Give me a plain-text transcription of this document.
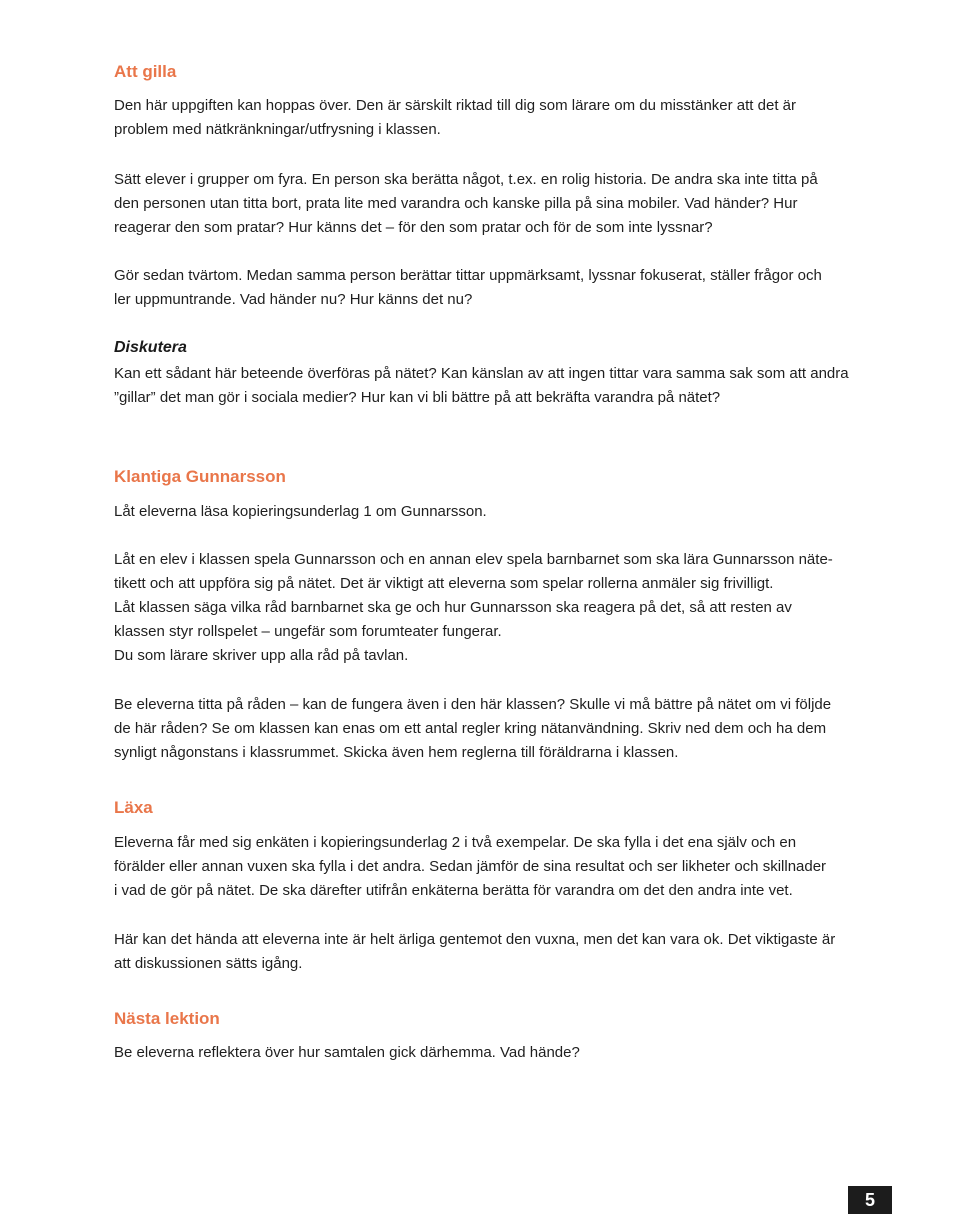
Att gilla
Den här uppgiften kan hoppas över. Den är särskilt riktad till dig som lärare om du misstänker att det är
problem med nätkränkningar/utfrysning i klassen.
Sätt elever i grupper om fyra. En person ska berätta något, t.ex. en rolig historia. De andra ska inte titta på
den personen utan titta bort, prata lite med varandra och kanske pilla på sina mobiler. Vad händer? Hur
reagerar den som pratar? Hur känns det – för den som pratar och för de som inte lyssnar?
Gör sedan tvärtom. Medan samma person berättar tittar uppmärksamt, lyssnar fokuserat, ställer frågor och
ler uppmuntrande. Vad händer nu? Hur känns det nu?
Diskutera
Kan ett sådant här beteende överföras på nätet? Kan känslan av att ingen tittar vara samma sak som att andra
”gillar” det man gör i sociala medier? Hur kan vi bli bättre på att bekräfta varandra på nätet?
Klantiga Gunnarsson
Låt eleverna läsa kopieringsunderlag 1 om Gunnarsson.
Låt en elev i klassen spela Gunnarsson och en annan elev spela barnbarnet som ska lära Gunnarsson näte-
tikett och att uppföra sig på nätet. Det är viktigt att eleverna som spelar rollerna anmäler sig frivilligt.
Låt klassen säga vilka råd barnbarnet ska ge och hur Gunnarsson ska reagera på det, så att resten av
klassen styr rollspelet – ungefär som forumteater fungerar.
Du som lärare skriver upp alla råd på tavlan.
Be eleverna titta på råden – kan de fungera även i den här klassen? Skulle vi må bättre på nätet om vi följde
de här råden? Se om klassen kan enas om ett antal regler kring nätanvändning. Skriv ned dem och ha dem
synligt någonstans i klassrummet. Skicka även hem reglerna till föräldrarna i klassen.
Läxa
Eleverna får med sig enkäten i kopieringsunderlag 2 i två exempelar. De ska fylla i det ena själv och en
förälder eller annan vuxen ska fylla i det andra. Sedan jämför de sina resultat och ser likheter och skillnader
i vad de gör på nätet. De ska därefter utifrån enkäterna berätta för varandra om det den andra inte vet.
Här kan det hända att eleverna inte är helt ärliga gentemot den vuxna, men det kan vara ok. Det viktigaste är
att diskussionen sätts igång.
Nästa lektion
Be eleverna reflektera över hur samtalen gick därhemma. Vad hände?
5
